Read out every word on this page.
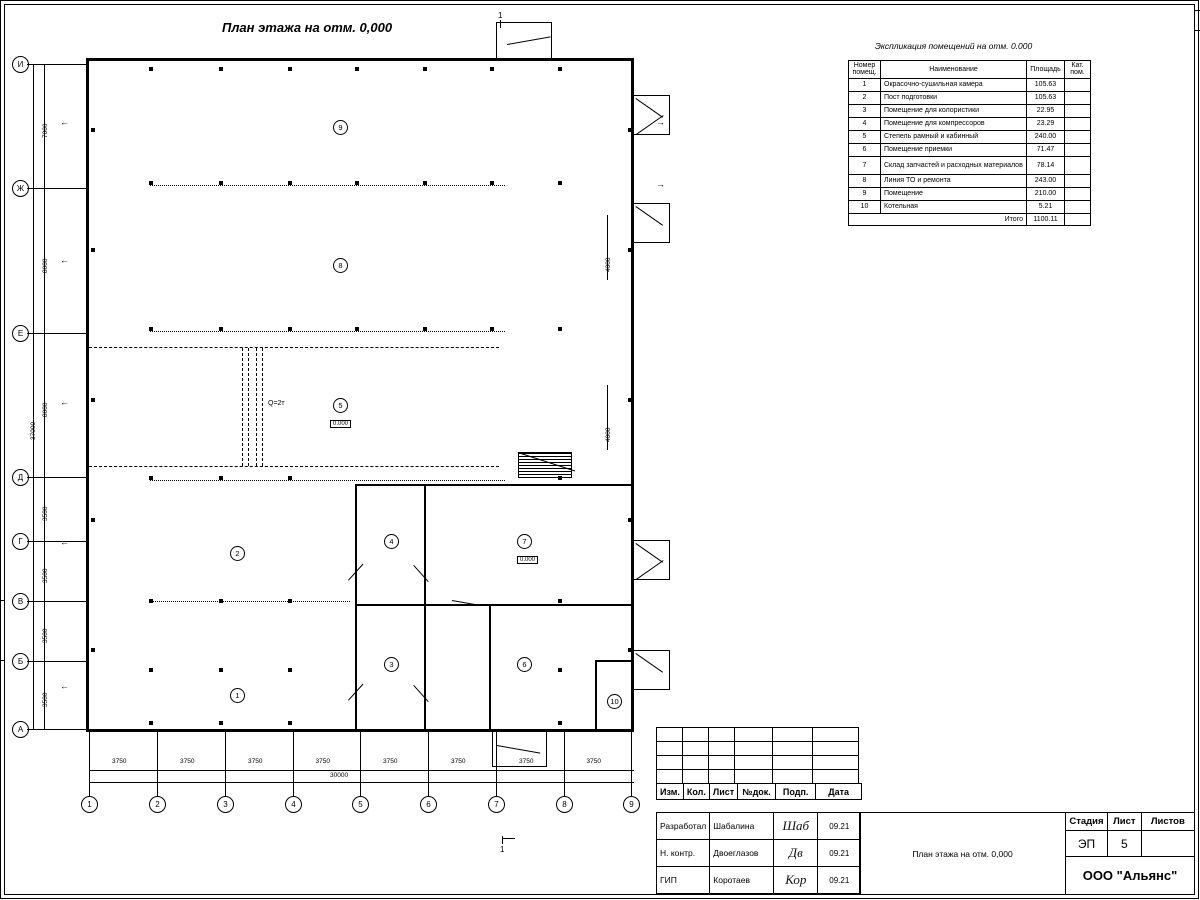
План этажа на отм. 0,000
Экспликация помещений на отм. 0.000
Номер
помещ.	Наименование	Площадь	Кат.
пом.
1	Окрасочно-сушильная камера	105.63	
2	Пост подготовки	105.63	
3	Помещение для колористики	22.95	
4	Помещение для компрессоров	23.29	
5	Степель рамный и кабинный	240.00	
6	Помещение приемки	71.47	
7	Склад запчастей и расходных материалов	78.14	
8	Линия ТО и ремонта	243.00	
9	Помещение	210.00	
10	Котельная	5.21	
	Итого	1100.11	
Q=2т
0.000
0.000
И
Ж
Е
Д
Г
В
Б
А
1	2	3	4	5	6	7	8	9
9
8
5
2
4	7
1
3	6
10
7000
8000
8000
3500
3500
3500
3500
37000
3750	3750	3750	3750	3750	3750	3750	3750
30000
4000
4000
1
1
←
←
←
←
←
→
→

Изм.	Кол.	Лист	№док.	Подп.	Дата
Разработал	Шабалина	Шаб	09.21
Н. контр.	Двоеглазов	Дв	09.21
ГИП	Коротаев	Кор	09.21
План этажа на отм. 0,000
Стадия	Лист	Листов
ЭП	5	
ООО "Альянс"		
